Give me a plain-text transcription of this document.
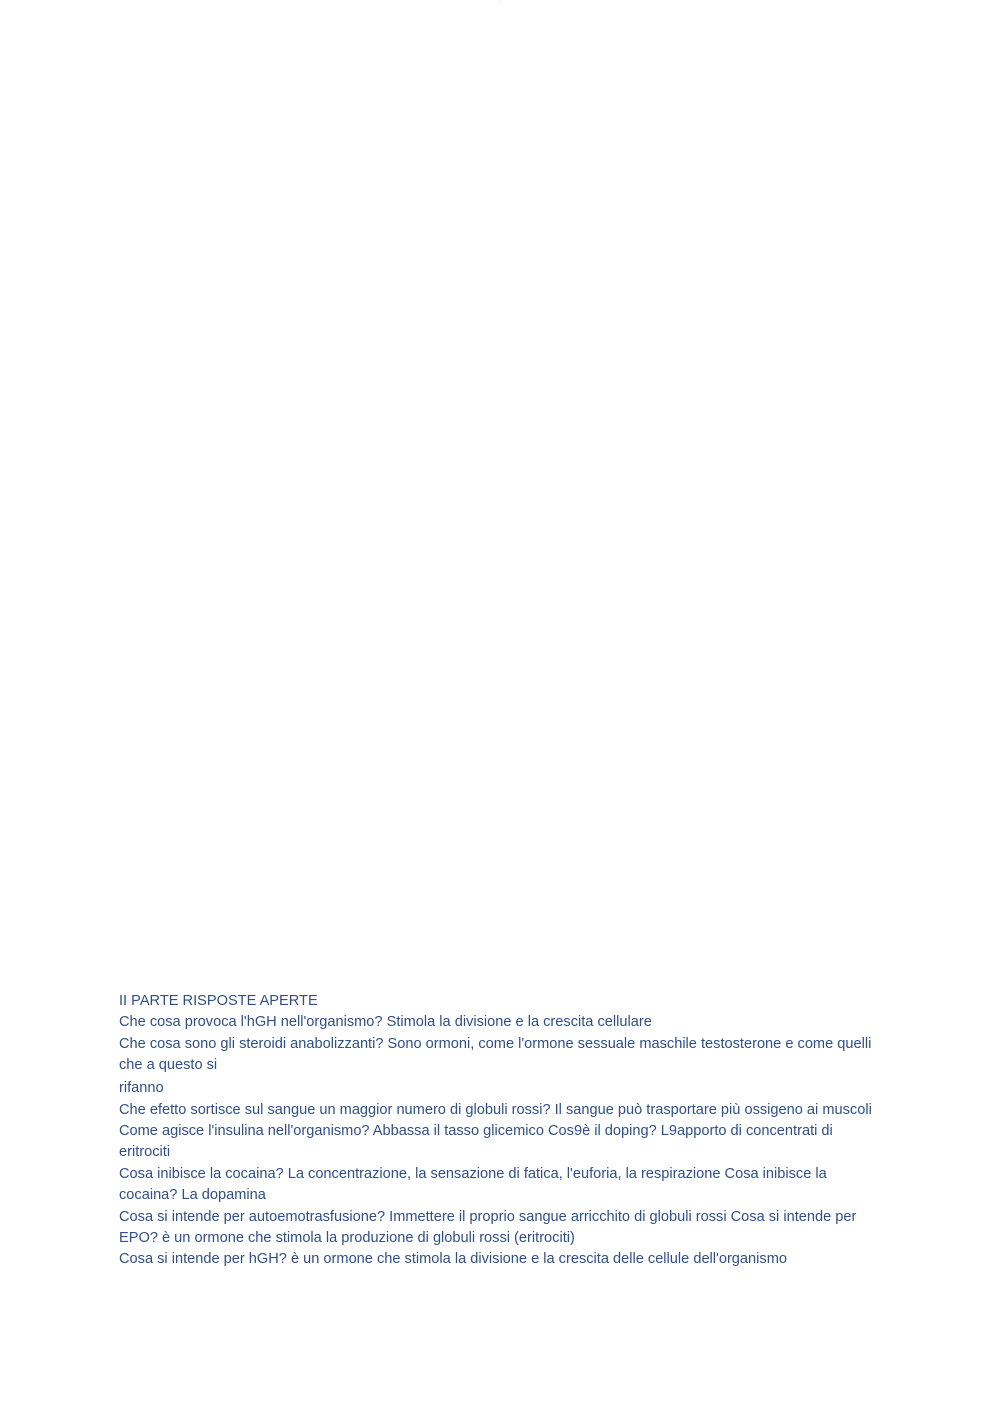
····

II PARTE RISPOSTE APERTE

Che cosa provoca l'hGH nell'organismo? Stimola la divisione e la crescita cellulare

Che cosa sono gli steroidi anabolizzanti? Sono ormoni, come l'ormone sessuale maschile testosterone e come quelli che a questo si

rifanno

Che efetto sortisce sul sangue un maggior numero di globuli rossi? Il sangue può trasportare più ossigeno ai muscoli

Come agisce l'insulina nell'organismo? Abbassa il tasso glicemico Cos9è il doping? L9apporto di concentrati di eritrociti

Cosa inibisce la cocaina? La concentrazione, la sensazione di fatica, l'euforia, la respirazione Cosa inibisce la cocaina? La dopamina

Cosa si intende per autoemotrasfusione? Immettere il proprio sangue arricchito di globuli rossi Cosa si intende per EPO? è un ormone che stimola la produzione di globuli rossi (eritrociti)

Cosa si intende per hGH? è un ormone che stimola la divisione e la crescita delle cellule dell'organismo
